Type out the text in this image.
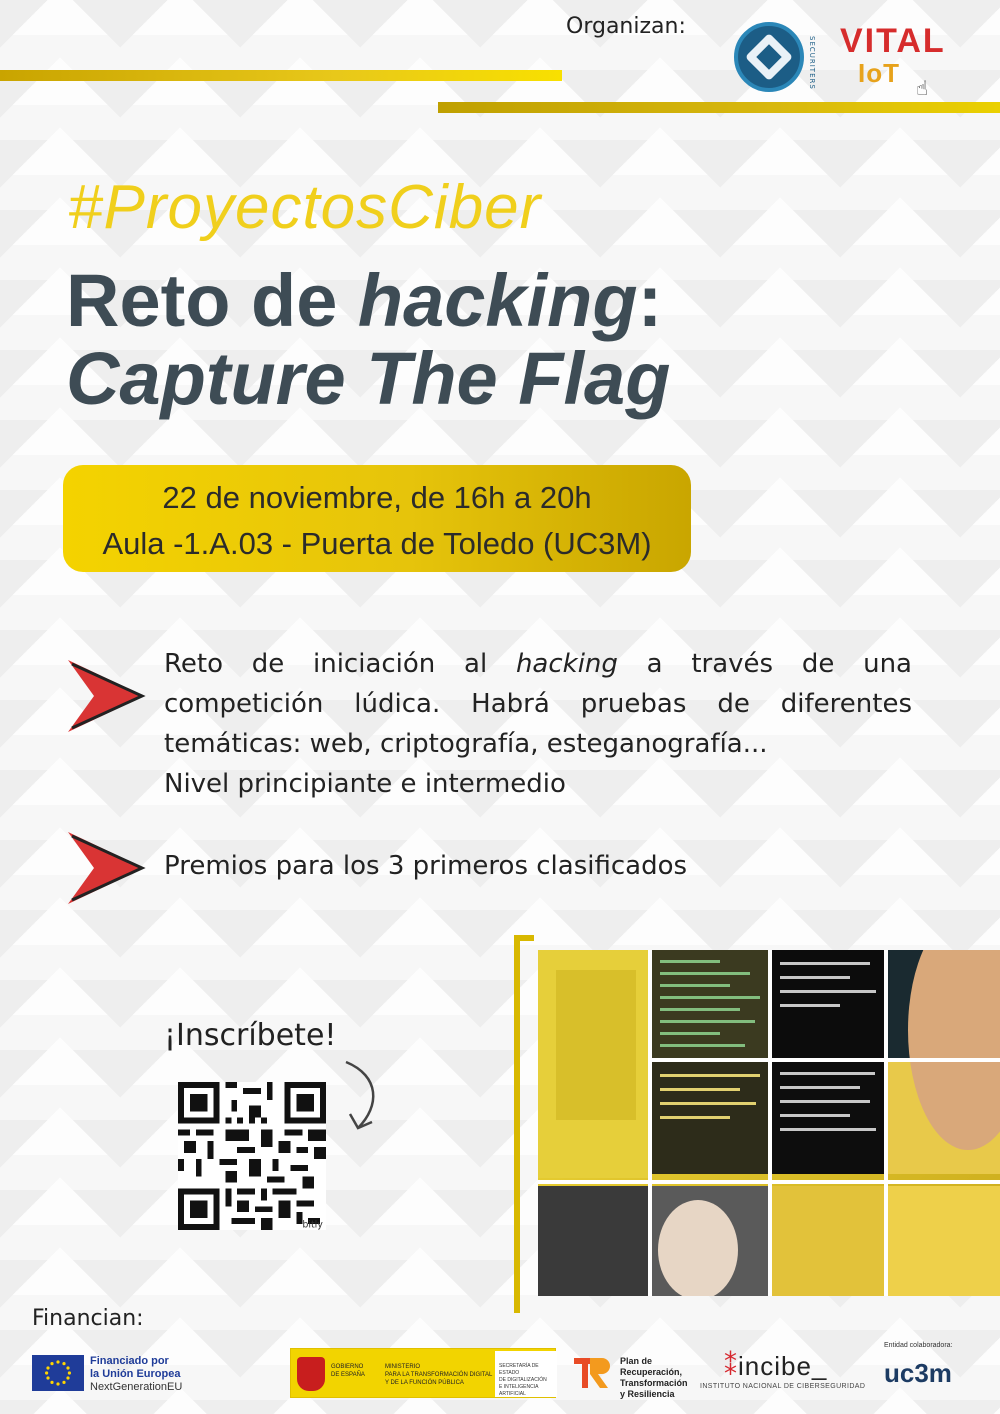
Organizan:
SECURITERS VITAL
IoT ☝
#ProyectosCiber
Reto de hacking:
Capture The Flag
22 de noviembre, de 16h a 20h
Aula -1.A.03 - Puerta de Toledo (UC3M)
Reto de iniciación al hacking a través de una
competición lúdica. Habrá pruebas de diferentes
temáticas: web, criptografía, esteganografía...
Nivel principiante e intermedio
Premios para los 3 primeros clasificados
¡Inscríbete!
bitly
Financian:
Financiado por
la Unión Europea
NextGenerationEU
GOBIERNO
DE ESPAÑA
MINISTERIO
PARA LA TRANSFORMACIÓN DIGITAL
Y DE LA FUNCIÓN PÚBLICA
SECRETARÍA DE ESTADO
DE DIGITALIZACIÓN
E INTELIGENCIA ARTIFICIAL
Plan de
Recuperación,
Transformación
y Resiliencia
⁑incibe_
INSTITUTO NACIONAL DE CIBERSEGURIDAD
Entidad colaboradora:
uc3m
